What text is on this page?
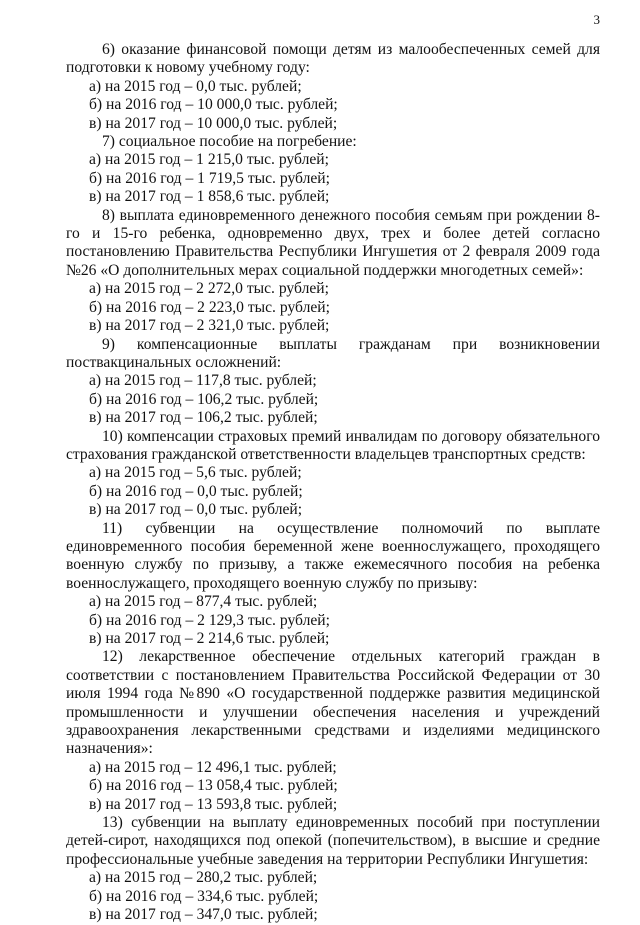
3

6) оказание финансовой помощи детям из малообеспеченных семей для подготовки к новому учебному году:

а) на 2015 год – 0,0 тыс. рублей;

б) на 2016 год – 10 000,0 тыс. рублей;

в) на 2017 год – 10 000,0 тыс. рублей;

7) социальное пособие на погребение:

а) на 2015 год – 1 215,0 тыс. рублей;

б) на 2016 год – 1 719,5 тыс. рублей;

в) на 2017 год – 1 858,6 тыс. рублей;

8) выплата единовременного денежного пособия семьям при рождении 8-го и 15-го ребенка, одновременно двух, трех и более детей согласно постановлению Правительства Республики Ингушетия от 2 февраля 2009 года №26 «О дополнительных мерах социальной поддержки многодетных семей»:

а) на 2015 год – 2 272,0 тыс. рублей;

б) на 2016 год – 2 223,0 тыс. рублей;

в) на 2017 год – 2 321,0 тыс. рублей;

9) компенсационные выплаты гражданам при возникновении

поствакцинальных осложнений:

а) на 2015 год – 117,8 тыс. рублей;

б) на 2016 год – 106,2 тыс. рублей;

в) на 2017 год – 106,2 тыс. рублей;

10) компенсации страховых премий инвалидам по договору обязательного страхования гражданской ответственности владельцев транспортных средств:

а) на 2015 год – 5,6 тыс. рублей;

б) на 2016 год – 0,0 тыс. рублей;

в) на 2017 год – 0,0 тыс. рублей;

11) субвенции на осуществление полномочий по выплате единовременного пособия беременной жене военнослужащего, проходящего военную службу по призыву, а также ежемесячного пособия на ребенка военнослужащего, проходящего военную службу по призыву:

а) на 2015 год – 877,4 тыс. рублей;

б) на 2016 год – 2 129,3 тыс. рублей;

в) на 2017 год – 2 214,6 тыс. рублей;

12) лекарственное обеспечение отдельных категорий граждан в соответствии с постановлением Правительства Российской Федерации от 30 июля 1994 года №890 «О государственной поддержке развития медицинской промышленности и улучшении обеспечения населения и учреждений здравоохранения лекарственными средствами и изделиями медицинского назначения»:

а) на 2015 год – 12 496,1 тыс. рублей;

б) на 2016 год – 13 058,4 тыс. рублей;

в) на 2017 год – 13 593,8 тыс. рублей;

13) субвенции на выплату единовременных пособий при поступлении детей-сирот, находящихся под опекой (попечительством), в высшие и средние профессиональные учебные заведения на территории Республики Ингушетия:

а) на 2015 год – 280,2 тыс. рублей;

б) на 2016 год – 334,6 тыс. рублей;

в) на 2017 год – 347,0 тыс. рублей;
